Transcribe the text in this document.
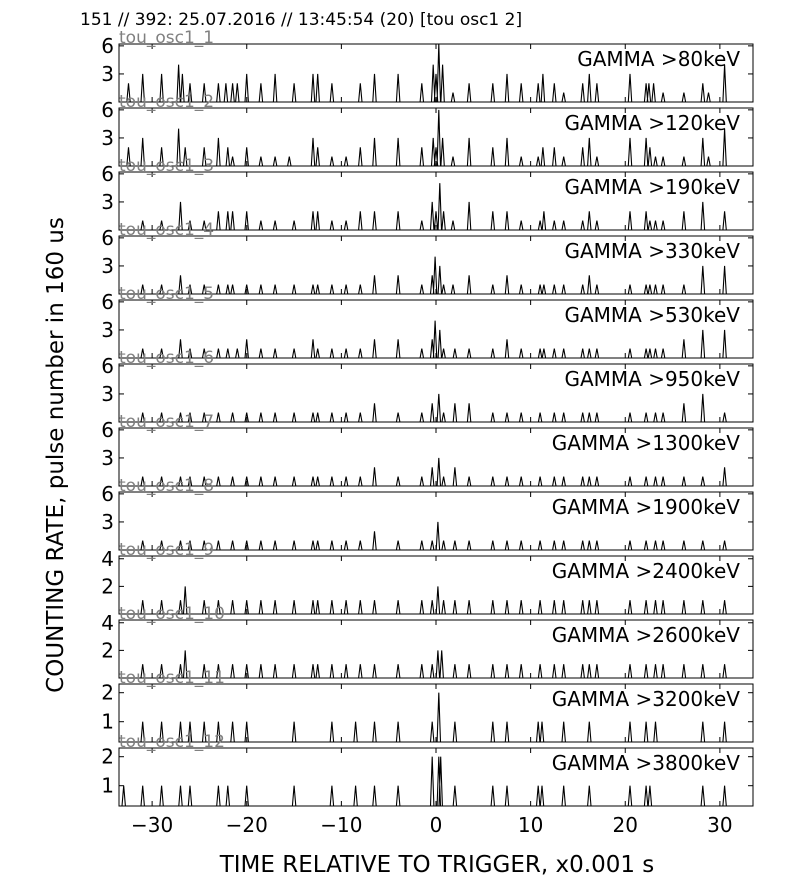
151 // 392: 25.07.2016 // 13:45:54 (20) [tou osc1 2]
COUNTING RATE, pulse number in 160 us
TIME RELATIVE TO TRIGGER, x0.001 s
3
6
GAMMA >80keV
tou_osc1_1
3
6
GAMMA >120keV
tou_osc1_2
3
6
GAMMA >190keV
tou_osc1_3
3
6
GAMMA >330keV
tou_osc1_4
3
6
GAMMA >530keV
tou_osc1_5
3
6
GAMMA >950keV
tou_osc1_6
3
6
GAMMA >1300keV
tou_osc1_7
3
6
GAMMA >1900keV
tou_osc1_8
2
4
GAMMA >2400keV
tou_osc1_9
2
4
GAMMA >2600keV
tou_osc1_10
1
2	GAMMA >3200keV
tou_osc1_11
1
2	GAMMA >3800keV
tou_osc1_12
−30	−20	−10	0	10	20	30
